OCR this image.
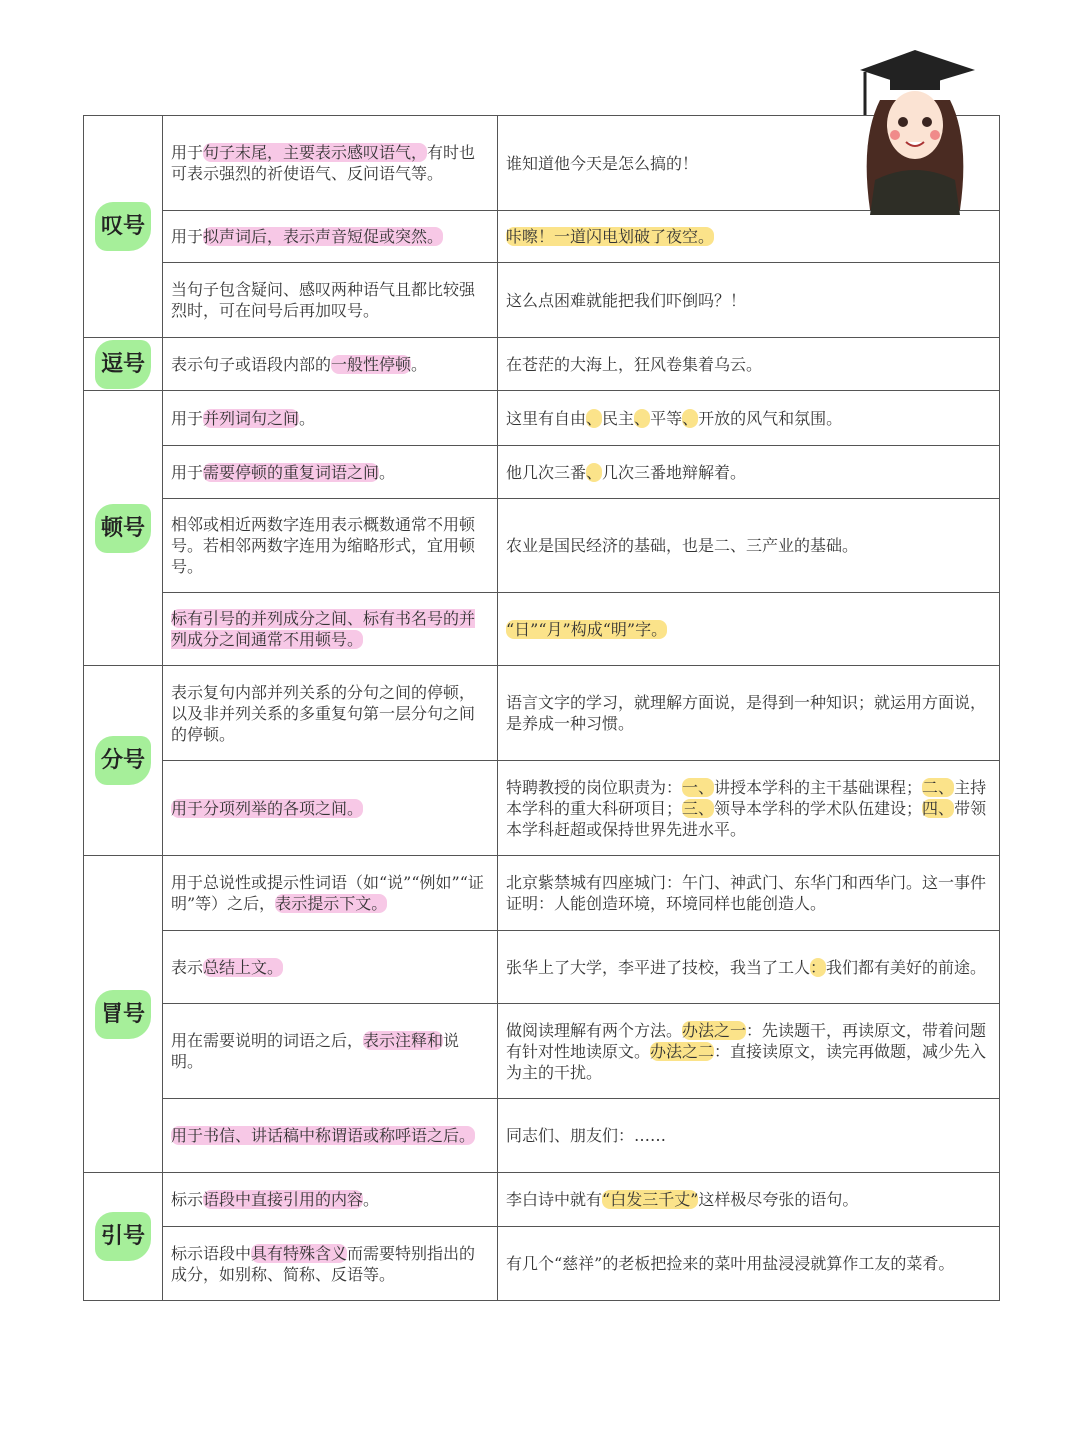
叹号	用于句子末尾，主要表示感叹语气，有时也可表示强烈的祈使语气、反问语气等。	谁知道他今天是怎么搞的！
	用于拟声词后，表示声音短促或突然。	咔嚓！一道闪电划破了夜空。
	当句子包含疑问、感叹两种语气且都比较强烈时，可在问号后再加叹号。	这么点困难就能把我们吓倒吗？！
逗号	表示句子或语段内部的一般性停顿。	在苍茫的大海上，狂风卷集着乌云。
顿号	用于并列词句之间。	这里有自由、民主、平等、开放的风气和氛围。
	用于需要停顿的重复词语之间。	他几次三番、几次三番地辩解着。
	相邻或相近两数字连用表示概数通常不用顿号。若相邻两数字连用为缩略形式，宜用顿号。	农业是国民经济的基础，也是二、三产业的基础。
	标有引号的并列成分之间、标有书名号的并列成分之间通常不用顿号。	“日”“月”构成“明”字。
分号	表示复句内部并列关系的分句之间的停顿，以及非并列关系的多重复句第一层分句之间的停顿。	语言文字的学习，就理解方面说，是得到一种知识；就运用方面说，是养成一种习惯。
	用于分项列举的各项之间。	特聘教授的岗位职责为：一、讲授本学科的主干基础课程；二、主持本学科的重大科研项目；三、领导本学科的学术队伍建设；四、带领本学科赶超或保持世界先进水平。
冒号	用于总说性或提示性词语（如“说”“例如”“证明”等）之后，表示提示下文。	北京紫禁城有四座城门：午门、神武门、东华门和西华门。这一事件证明：人能创造环境，环境同样也能创造人。
	表示总结上文。	张华上了大学，李平进了技校，我当了工人：我们都有美好的前途。
	用在需要说明的词语之后，表示注释和说明。	做阅读理解有两个方法。办法之一：先读题干，再读原文，带着问题有针对性地读原文。办法之二：直接读原文，读完再做题，减少先入为主的干扰。
	用于书信、讲话稿中称谓语或称呼语之后。	同志们、朋友们：……
引号	标示语段中直接引用的内容。	李白诗中就有“白发三千丈”这样极尽夸张的语句。
	标示语段中具有特殊含义而需要特别指出的成分，如别称、简称、反语等。	有几个“慈祥”的老板把捡来的菜叶用盐浸浸就算作工友的菜肴。
